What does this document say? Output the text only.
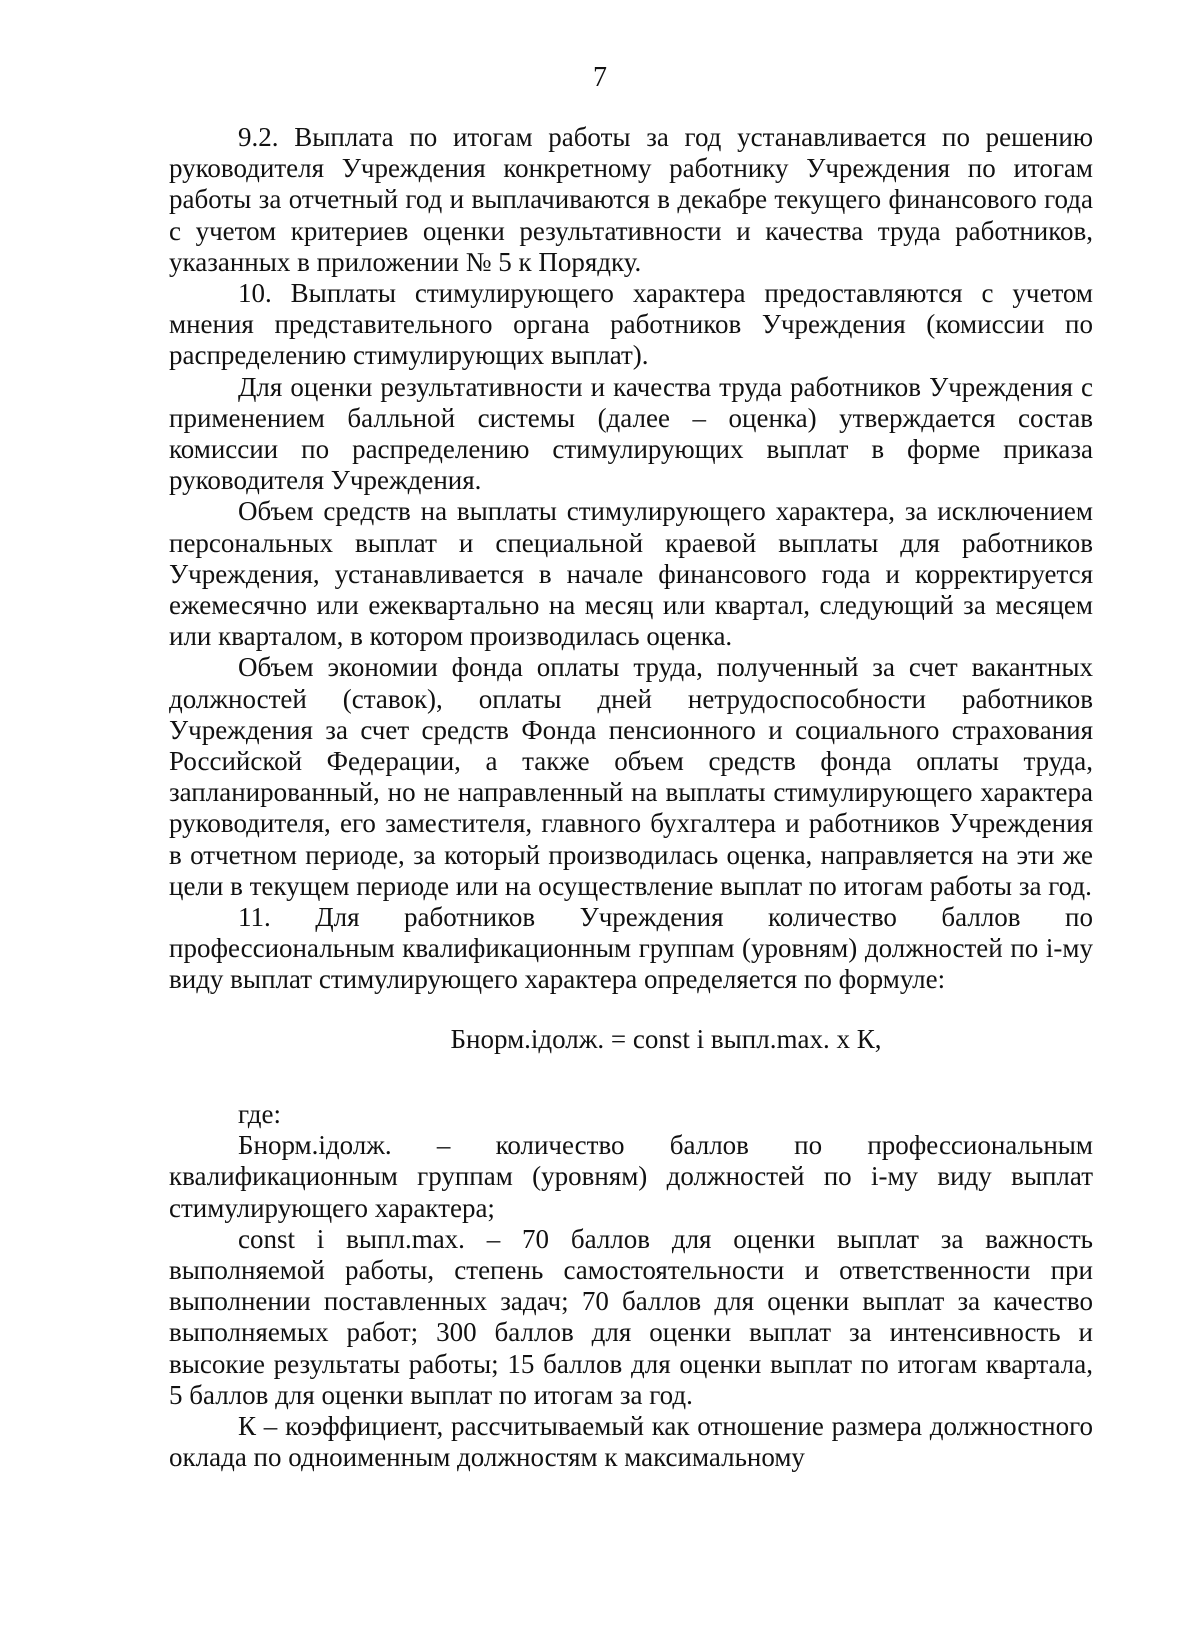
7

9.2. Выплата по итогам работы за год устанавливается по решению руководителя Учреждения конкретному работнику Учреждения по итогам работы за отчетный год и выплачиваются в декабре текущего финансового года с учетом критериев оценки результативности и качества труда работников, указанных в приложении № 5 к Порядку.

10. Выплаты стимулирующего характера предоставляются с учетом мнения представительного органа работников Учреждения (комиссии по распределению стимулирующих выплат).

Для оценки результативности и качества труда работников Учреждения с применением балльной системы (далее – оценка) утверждается состав комиссии по распределению стимулирующих выплат в форме приказа руководителя Учреждения.

Объем средств на выплаты стимулирующего характера, за исключением персональных выплат и специальной краевой выплаты для работников Учреждения, устанавливается в начале финансового года и корректируется ежемесячно или ежеквартально на месяц или квартал, следующий за месяцем или кварталом, в котором производилась оценка.

Объем экономии фонда оплаты труда, полученный за счет вакантных должностей (ставок), оплаты дней нетрудоспособности работников Учреждения за счет средств Фонда пенсионного и социального страхования Российской Федерации, а также объем средств фонда оплаты труда, запланированный, но не направленный на выплаты стимулирующего характера руководителя, его заместителя, главного бухгалтера и работников Учреждения в отчетном периоде, за который производилась оценка, направляется на эти же цели в текущем периоде или на осуществление выплат по итогам работы за год.

11. Для работников Учреждения количество баллов по профессиональным квалификационным группам (уровням) должностей по i-му виду выплат стимулирующего характера определяется по формуле:

Бнорм.iдолж. = const i выпл.max. х К,

где:

Бнорм.iдолж. – количество баллов по профессиональным квалификационным группам (уровням) должностей по i-му виду выплат стимулирующего характера;

const i выпл.max. – 70 баллов для оценки выплат за важность выполняемой работы, степень самостоятельности и ответственности при выполнении поставленных задач; 70 баллов для оценки выплат за качество выполняемых работ; 300 баллов для оценки выплат за интенсивность и высокие результаты работы; 15 баллов для оценки выплат по итогам квартала, 5 баллов для оценки выплат по итогам за год.

К – коэффициент, рассчитываемый как отношение размера должностного оклада по одноименным должностям к максимальному
